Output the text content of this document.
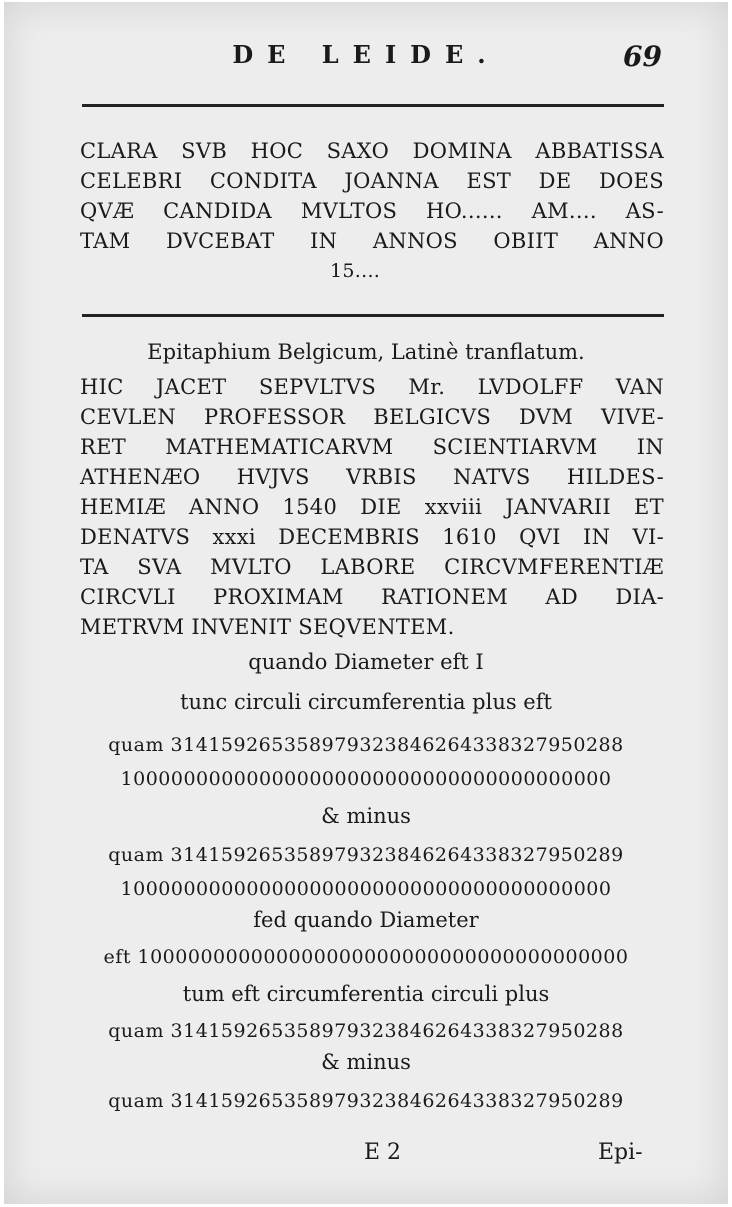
DE LEIDE.	69
CLARA SVB HOC SAXO DOMINA ABBATISSA
CELEBRI CONDITA JOANNA EST DE DOES
QVÆ CANDIDA MVLTOS HO...... AM.... AS-
TAM DVCEBAT IN ANNOS OBIIT ANNO
15....
Epitaphium Belgicum, Latinè tranflatum.
HIC JACET SEPVLTVS Mr. LVDOLFF VAN
CEVLEN PROFESSOR BELGICVS DVM VIVE-
RET MATHEMATICARVM SCIENTIARVM IN
ATHENÆO HVJVS VRBIS NATVS HILDES-
HEMIÆ ANNO 1540 DIE xxviii JANVARII ET
DENATVS xxxi DECEMBRIS 1610 QVI IN VI-
TA SVA MVLTO LABORE CIRCVMFERENTIÆ
CIRCVLI PROXIMAM RATIONEM AD DIA-
METRVM INVENIT SEQVENTEM.
quando Diameter eft I
tunc circuli circumferentia plus eft
quam 314159265358979323846264338327950288
100000000000000000000000000000000000000
& minus
quam 314159265358979323846264338327950289
100000000000000000000000000000000000000
fed quando Diameter
eft 100000000000000000000000000000000000000
tum eft circumferentia circuli plus
quam 314159265358979323846264338327950288
& minus
quam 314159265358979323846264338327950289
E 2	Epi-
